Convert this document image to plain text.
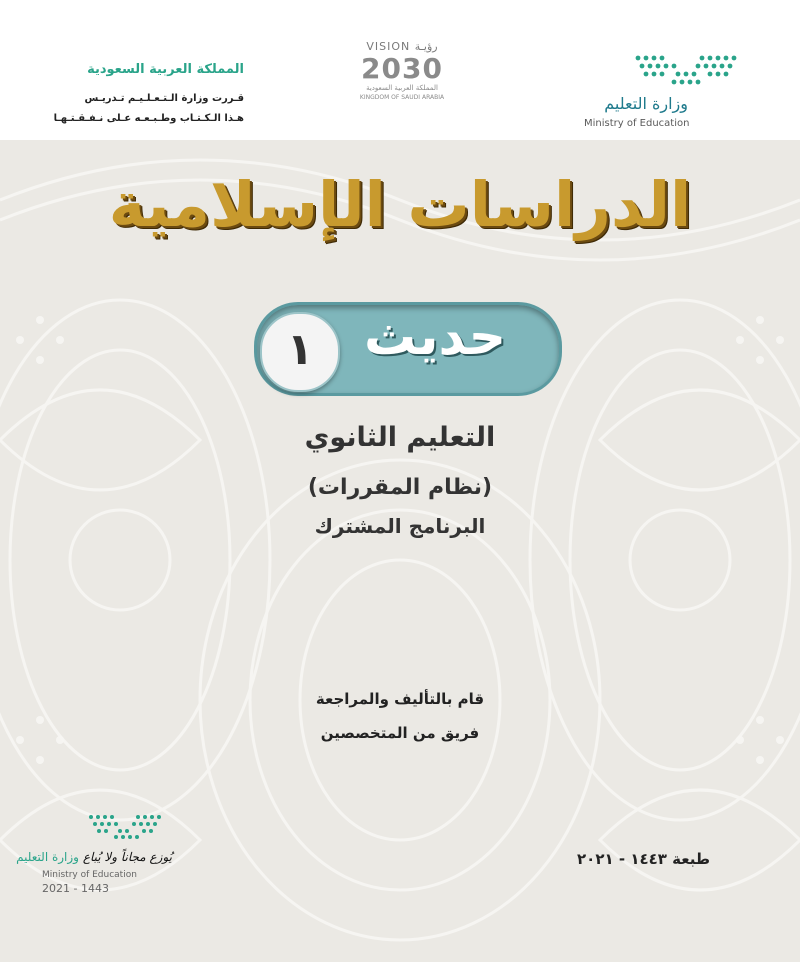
المملكة العربية السعودية
قـررت وزارة الـتـعـلـيـم تـدريـس
هـذا الـكـتـاب وطـبـعـه عـلى نـفـقـتـهـا
VISION رؤيـة
2030
المملكة العربية السعودية
KINGDOM OF SAUDI ARABIA	وزارة التعليم
Ministry of Education
الدراسات الإسلامية
حديث
١
التعليم الثانوي
(نظام المقررات)
البرنامج المشترك
قام بالتأليف والمراجعة
فريق من المتخصصين
طبعة ١٤٤٣ - ٢٠٢١
يُوزع مجاناً ولا يُباع وزارة التعليم
Ministry of Education
2021 - 1443
